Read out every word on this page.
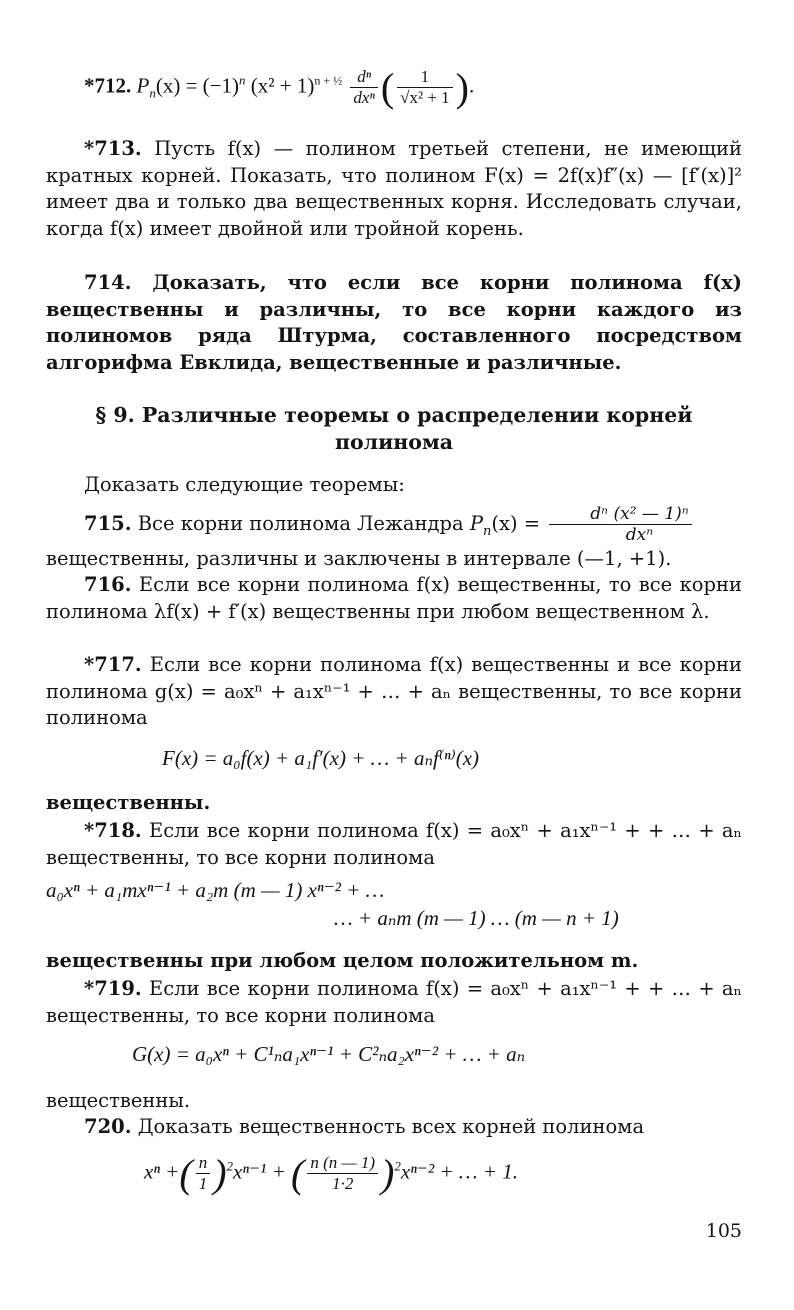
*712. $P_n(x) = (-1)^n$ $(x^2 + 1)^{n + \frac{1}{2}} \frac{\text{dⁿ}}{\text{dxⁿ}}$ ( $\frac{1}{\text{√x² + 1}}$ ).
*713. Пусть f(x) — полином третьей степени, не имеющий кратных корней. Показать, что полином F(x) = 2f(x)f″(x) — [f′(x)]² имеет два и только два вещественных корня. Исследовать случаи, когда f(x) имеет двойной или тройной корень.
714. Доказать, что если все корни полинома f(x) вещественны и различны, то все корни каждого из полиномов ряда Штурма, составленного посредством алгорифма Евклида, вещественные и различные.
§ 9. Различные теоремы о распределении корней
полинома
Доказать следующие теоремы:
715. Все корни полинома Лежандра $P_n(x) = \frac{\text{dⁿ (x² — 1)ⁿ}}{\text{dxⁿ}}$
вещественны, различны и заключены в интервале (—1, +1).
716. Если все корни полинома f(x) вещественны, то все корни полинома λf(x) + f′(x) вещественны при любом вещественном λ.
*717. Если все корни полинома f(x) вещественны и все корни полинома g(x) = a₀xⁿ + a₁xⁿ⁻¹ + … + aₙ вещественны, то все корни полинома
F(x) = a₀f(x) + a₁f′(x) + … + aₙf⁽ⁿ⁾(x)
вещественны.
*718. Если все корни полинома f(x) = a₀xⁿ + a₁xⁿ⁻¹ + + … + aₙ вещественны, то все корни полинома
a₀xⁿ + a₁mxⁿ⁻¹ + a₂m (m — 1) xⁿ⁻² + …
… + aₙm (m — 1) … (m — n + 1)
вещественны при любом целом положительном m.
*719. Если все корни полинома f(x) = a₀xⁿ + a₁xⁿ⁻¹ + + … + aₙ вещественны, то все корни полинома
G(x) = a₀xⁿ + C¹ₙa₁xⁿ⁻¹ + C²ₙa₂xⁿ⁻² + … + aₙ
вещественны.
720. Доказать вещественность всех корней полинома
xⁿ +( $\frac{n}{1} )^2x^{n-1}$ + ( $\frac{n (n — 1)}{1\cdot 2} )^2x^{n-2}$ + … + 1.
105
